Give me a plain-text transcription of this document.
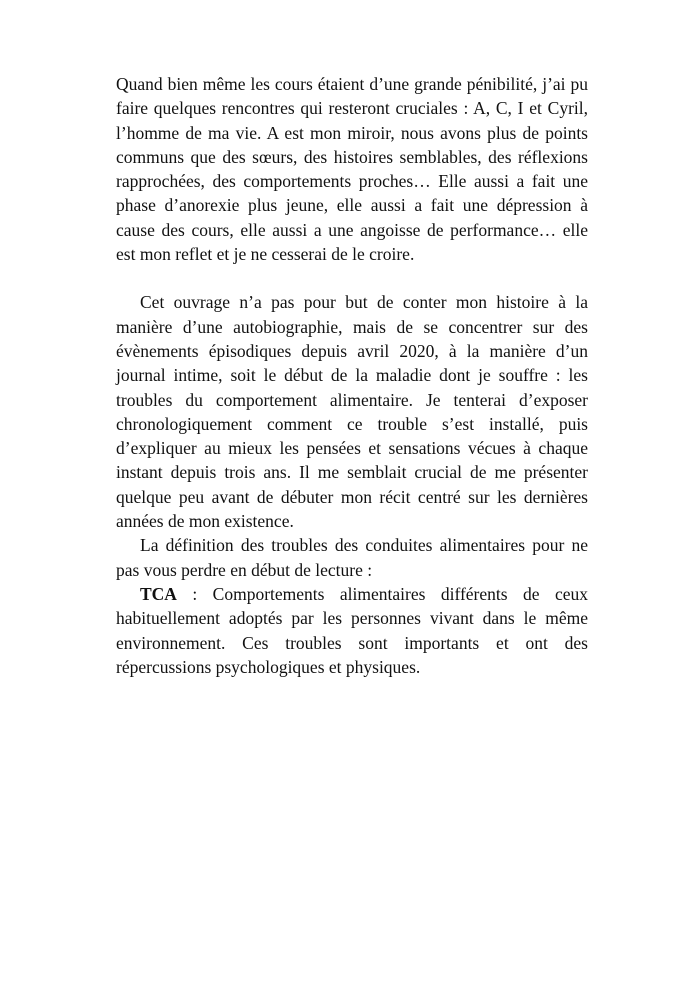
Quand bien même les cours étaient d’une grande pénibilité, j’ai pu faire quelques rencontres qui resteront cruciales : A, C, I et Cyril, l’homme de ma vie. A est mon miroir, nous avons plus de points communs que des sœurs, des histoires semblables, des réflexions rapprochées, des comportements proches… Elle aussi a fait une phase d’anorexie plus jeune, elle aussi a fait une dépression à cause des cours, elle aussi a une angoisse de performance… elle est mon reflet et je ne cesserai de le croire.

Cet ouvrage n’a pas pour but de conter mon histoire à la manière d’une autobiographie, mais de se concentrer sur des évènements épisodiques depuis avril 2020, à la manière d’un journal intime, soit le début de la maladie dont je souffre : les troubles du comportement alimentaire. Je tenterai d’exposer chronologiquement comment ce trouble s’est installé, puis d’expliquer au mieux les pensées et sensations vécues à chaque instant depuis trois ans. Il me semblait crucial de me présenter quelque peu avant de débuter mon récit centré sur les dernières années de mon existence.

La définition des troubles des conduites alimentaires pour ne pas vous perdre en début de lecture :

TCA : Comportements alimentaires différents de ceux habituellement adoptés par les personnes vivant dans le même environnement. Ces troubles sont importants et ont des répercussions psychologiques et physiques.
